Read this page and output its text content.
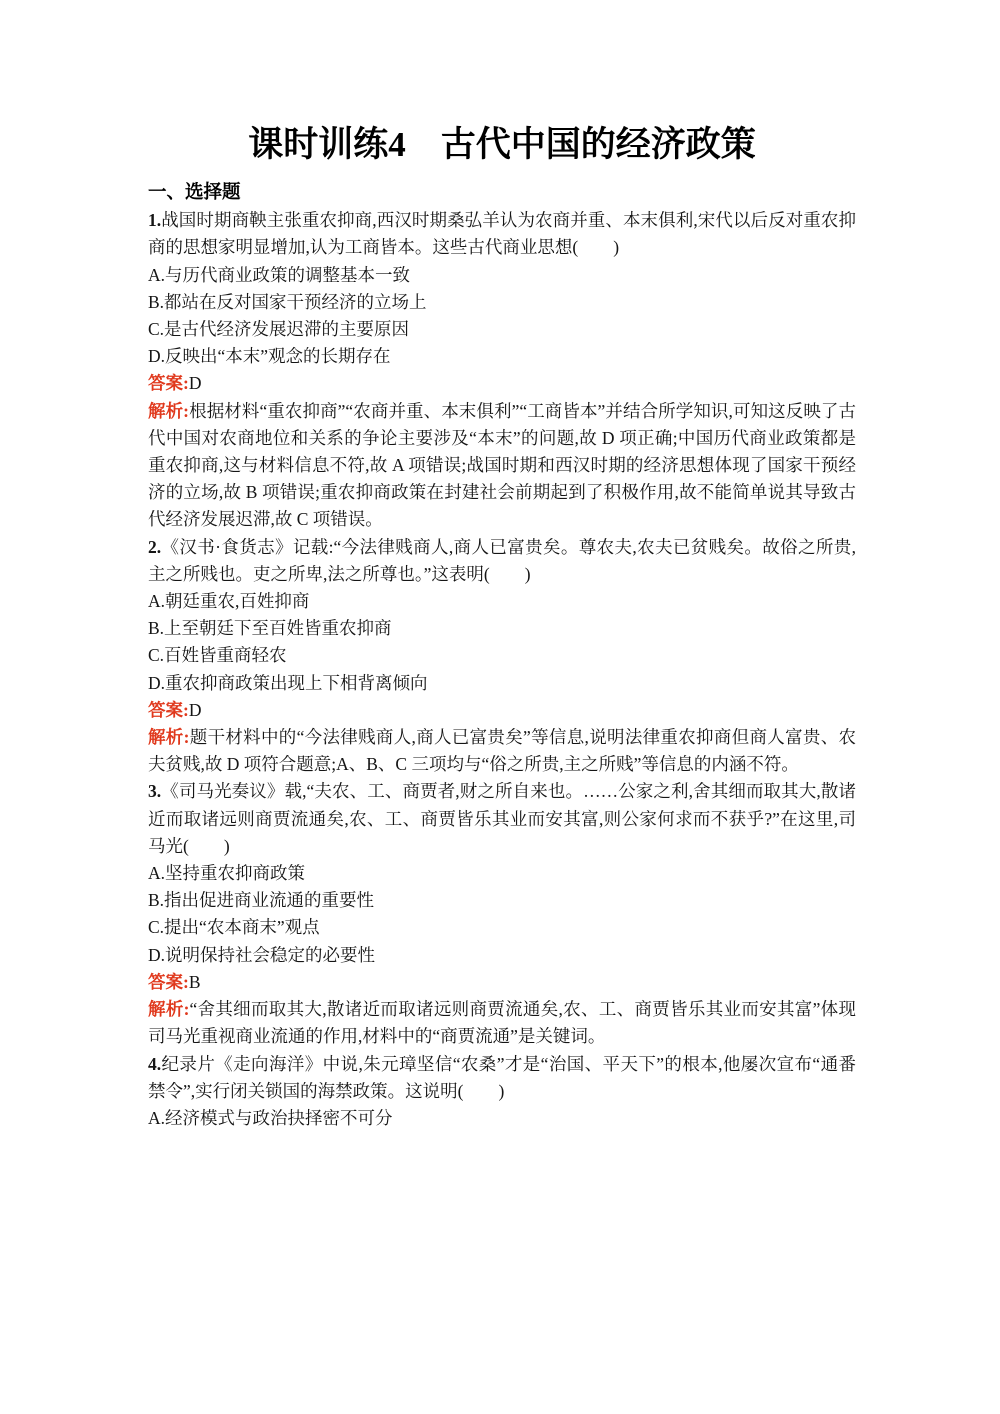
课时训练4　古代中国的经济政策
一、选择题

1.战国时期商鞅主张重农抑商,西汉时期桑弘羊认为农商并重、本末俱利,宋代以后反对重农抑商的思想家明显增加,认为工商皆本。这些古代商业思想(　　)

A.与历代商业政策的调整基本一致

B.都站在反对国家干预经济的立场上

C.是古代经济发展迟滞的主要原因

D.反映出“本末”观念的长期存在

答案:D

解析:根据材料“重农抑商”“农商并重、本末俱利”“工商皆本”并结合所学知识,可知这反映了古代中国对农商地位和关系的争论主要涉及“本末”的问题,故 D 项正确;中国历代商业政策都是重农抑商,这与材料信息不符,故 A 项错误;战国时期和西汉时期的经济思想体现了国家干预经济的立场,故 B 项错误;重农抑商政策在封建社会前期起到了积极作用,故不能简单说其导致古代经济发展迟滞,故 C 项错误。

2.《汉书·食货志》记载:“今法律贱商人,商人已富贵矣。尊农夫,农夫已贫贱矣。故俗之所贵,主之所贱也。吏之所卑,法之所尊也。”这表明(　　)

A.朝廷重农,百姓抑商

B.上至朝廷下至百姓皆重农抑商

C.百姓皆重商轻农

D.重农抑商政策出现上下相背离倾向

答案:D

解析:题干材料中的“今法律贱商人,商人已富贵矣”等信息,说明法律重农抑商但商人富贵、农夫贫贱,故 D 项符合题意;A、B、C 三项均与“俗之所贵,主之所贱”等信息的内涵不符。

3.《司马光奏议》载,“夫农、工、商贾者,财之所自来也。……公家之利,舍其细而取其大,散诸近而取诸远则商贾流通矣,农、工、商贾皆乐其业而安其富,则公家何求而不获乎?”在这里,司马光(　　)

A.坚持重农抑商政策

B.指出促进商业流通的重要性

C.提出“农本商末”观点

D.说明保持社会稳定的必要性

答案:B

解析:“舍其细而取其大,散诸近而取诸远则商贾流通矣,农、工、商贾皆乐其业而安其富”体现司马光重视商业流通的作用,材料中的“商贾流通”是关键词。

4.纪录片《走向海洋》中说,朱元璋坚信“农桑”才是“治国、平天下”的根本,他屡次宣布“通番禁令”,实行闭关锁国的海禁政策。这说明(　　)

A.经济模式与政治抉择密不可分
